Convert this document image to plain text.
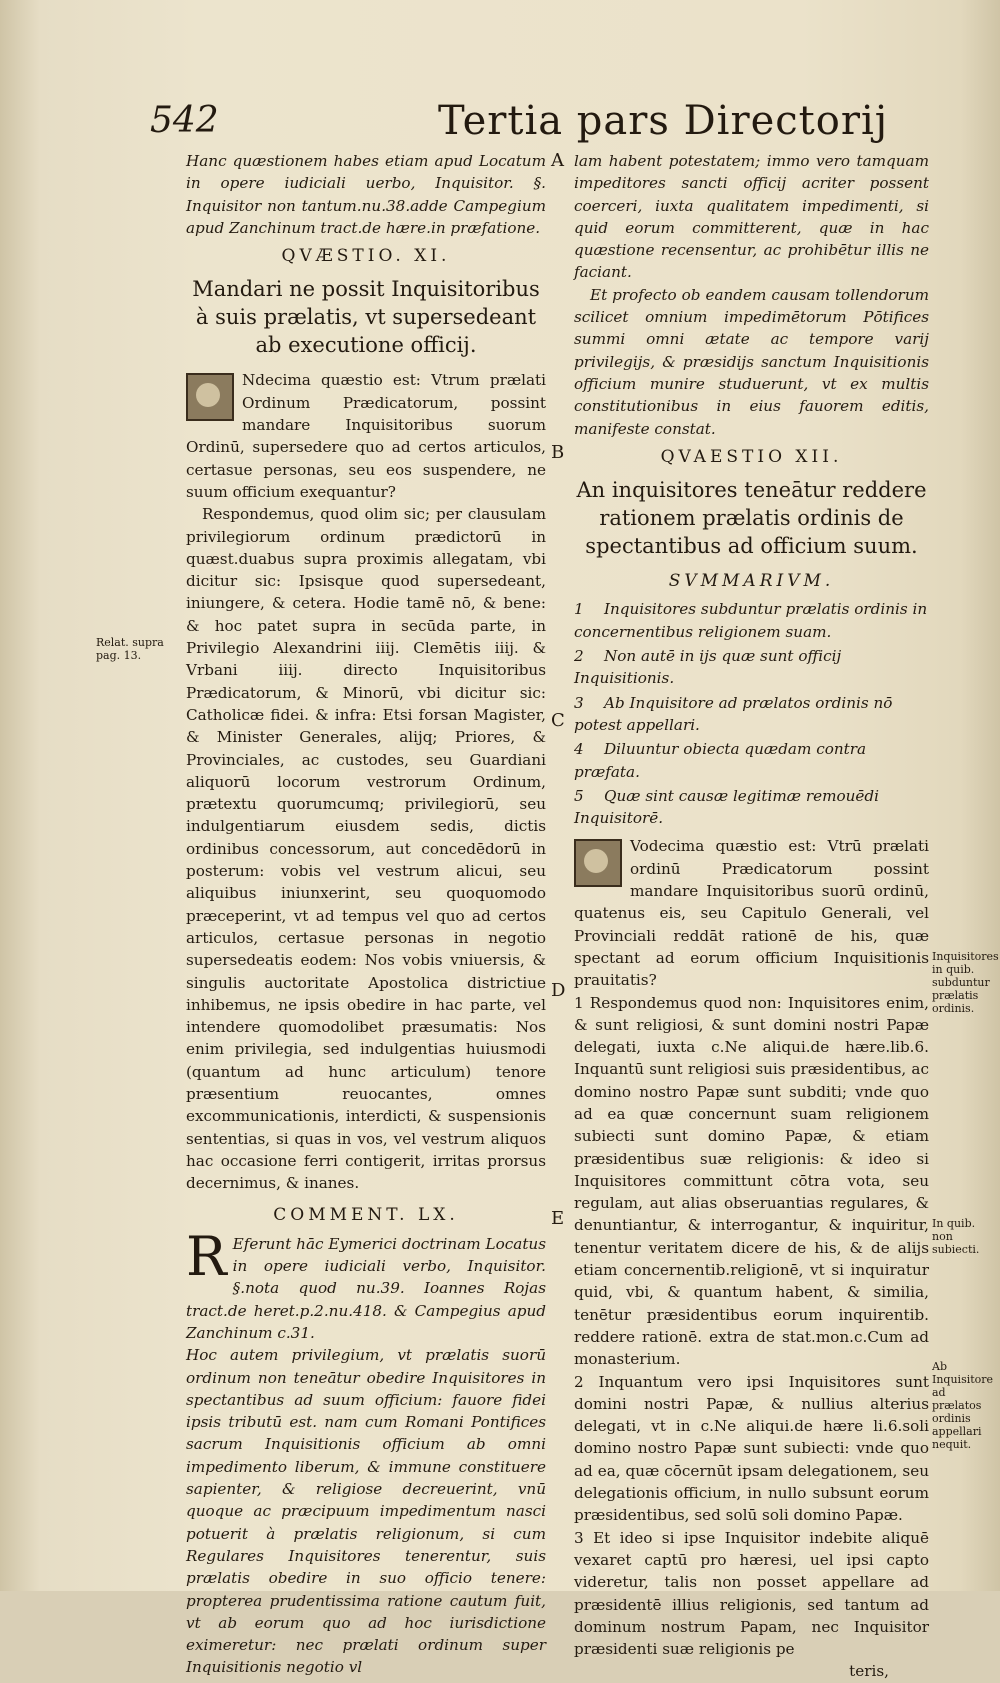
542	Tertia pars Directorij

Hanc quæstionem habes etiam apud Locatum in opere iudiciali uerbo, Inquisitor. §. Inquisitor non tantum.nu.38.adde Campegium apud Zanchinum tract.de hære.in præfatione.

QVÆSTIO. XI.
Mandari ne possit Inquisitoribus à suis prælatis, vt supersedeant ab executione officij.

Ndecima quæstio est: Vtrum prælati Ordinum Prædicatorum, possint mandare Inquisitoribus suorum Ordinū, supersedere quo ad certos articulos, certasue personas, seu eos suspendere, ne suum officium exequantur?

Respondemus, quod olim sic; per clausulam privilegiorum ordinum prædictorū in quæst.duabus supra proximis allegatam, vbi dicitur sic: Ipsisque quod supersedeant, iniungere, & cetera. Hodie tamē nō, & bene: & hoc patet supra in secūda parte, in Privilegio Alexandrini iiij. Clemētis iiij. & Vrbani iiij. directo Inquisitoribus Prædicatorum, & Minorū, vbi dicitur sic: Catholicæ fidei. & infra: Etsi forsan Magister, & Minister Generales, alijq; Priores, & Provinciales, ac custodes, seu Guardiani aliquorū locorum vestrorum Ordinum, prætextu quorumcumq; privilegiorū, seu indulgentiarum eiusdem sedis, dictis ordinibus concessorum, aut concedēdorū in posterum: vobis vel vestrum alicui, seu aliquibus iniunxerint, seu quoquomodo præceperint, vt ad tempus vel quo ad certos articulos, certasue personas in negotio supersedeatis eodem: Nos vobis vniuersis, & singulis auctoritate Apostolica districtiue inhibemus, ne ipsis obedire in hac parte, vel intendere quomodolibet præsumatis: Nos enim privilegia, sed indulgentias huiusmodi (quantum ad hunc articulum) tenore præsentium reuocantes, omnes excommunicationis, interdicti, & suspensionis sententias, si quas in vos, vel vestrum aliquos hac occasione ferri contigerit, irritas prorsus decernimus, & inanes.

COMMENT. LX.
R Eferunt hāc Eymerici doctrinam Locatus in opere iudiciali verbo, Inquisitor. §.nota quod nu.39. Ioannes Rojas tract.de heret.p.2.nu.418. & Campegius apud Zanchinum c.31.

Hoc autem privilegium, vt prælatis suorū ordinum non teneātur obedire Inquisitores in spectantibus ad suum officium: fauore fidei ipsis tributū est. nam cum Romani Pontifices sacrum Inquisitionis officium ab omni impedimento liberum, & immune constituere sapienter, & religiose decreuerint, vnū quoque ac præcipuum impedimentum nasci potuerit à prælatis religionum, si cum Regulares Inquisitores tenerentur, suis prælatis obedire in suo officio tenere: propterea prudentissima ratione cautum fuit, vt ab eorum quo ad hoc iurisdictione eximeretur: nec prælati ordinum super Inquisitionis negotio vl

lam habent potestatem; immo vero tamquam impeditores sancti officij acriter possent coerceri, iuxta qualitatem impedimenti, si quid eorum committerent, quæ in hac quæstione recensentur, ac prohibētur illis ne faciant.

Et profecto ob eandem causam tollendorum scilicet omnium impedimētorum Pōtifices summi omni ætate ac tempore varij privilegijs, & præsidijs sanctum Inquisitionis officium munire studuerunt, vt ex multis constitutionibus in eius fauorem editis, manifeste constat.

QVAESTIO XII.
An inquisitores teneātur reddere rationem prælatis ordinis de spectantibus ad officium suum.
SVMMARIVM.
1 Inquisitores subduntur prælatis ordinis in concernentibus religionem suam.
2 Non autē in ijs quæ sunt officij Inquisitionis.
3 Ab Inquisitore ad prælatos ordinis nō potest appellari.
4 Diluuntur obiecta quædam contra præfata.
5 Quæ sint causæ legitimæ remouēdi Inquisitorē.

Vodecima quæstio est: Vtrū prælati ordinū Prædicatorum possint mandare Inquisitoribus suorū ordinū, quatenus eis, seu Capitulo Generali, vel Provinciali reddāt rationē de his, quæ spectant ad eorum officium Inquisitionis prauitatis?

1 Respondemus quod non: Inquisitores enim, & sunt religiosi, & sunt domini nostri Papæ delegati, iuxta c.Ne aliqui.de hære.lib.6. Inquantū sunt religiosi suis præsidentibus, ac domino nostro Papæ sunt subditi; vnde quo ad ea quæ concernunt suam religionem subiecti sunt domino Papæ, & etiam præsidentibus suæ religionis: & ideo si Inquisitores committunt cōtra vota, seu regulam, aut alias obseruantias regulares, & denuntiantur, & interrogantur, & inquiritur, tenentur veritatem dicere de his, & de alijs etiam concernentib.religionē, vt si inquiratur quid, vbi, & quantum habent, & similia, tenētur præsidentibus eorum inquirentib. reddere rationē. extra de stat.mon.c.Cum ad monasterium.

2 Inquantum vero ipsi Inquisitores sunt domini nostri Papæ, & nullius alterius delegati, vt in c.Ne aliqui.de hære li.6.soli domino nostro Papæ sunt subiecti: vnde quo ad ea, quæ cōcernūt ipsam delegationem, seu delegationis officium, in nullo subsunt eorum præsidentibus, sed solū soli domino Papæ.

3 Et ideo si ipse Inquisitor indebite aliquē vexaret captū pro hæresi, uel ipsi capto videretur, talis non posset appellare ad præsidentē illius religionis, sed tantum ad dominum nostrum Papam, nec Inquisitor præsidenti suæ religionis pe

teris,
A
B
C
D
E
Relat. supra pag. 13.
Inquisitores in quib. subduntur prælatis ordinis.
In quib. non subiecti.
Ab Inquisitore ad prælatos ordinis appellari nequit.
